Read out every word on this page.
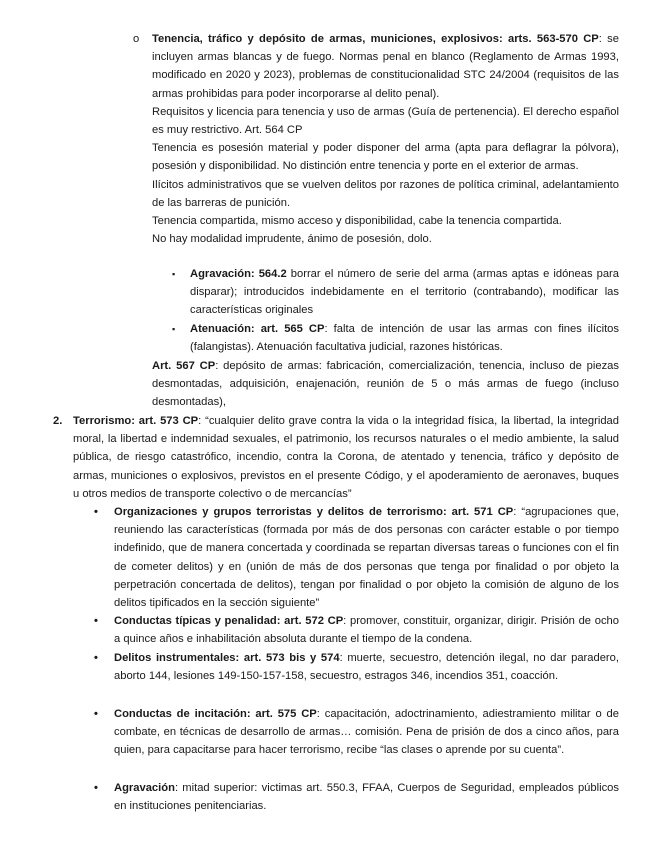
o Tenencia, tráfico y depósito de armas, municiones, explosivos: arts. 563-570 CP: se incluyen armas blancas y de fuego. Normas penal en blanco (Reglamento de Armas 1993, modificado en 2020 y 2023), problemas de constitucionalidad STC 24/2004 (requisitos de las armas prohibidas para poder incorporarse al delito penal).

Requisitos y licencia para tenencia y uso de armas (Guía de pertenencia). El derecho español es muy restrictivo. Art. 564 CP

Tenencia es posesión material y poder disponer del arma (apta para deflagrar la pólvora), posesión y disponibilidad. No distinción entre tenencia y porte en el exterior de armas.

Ilícitos administrativos que se vuelven delitos por razones de política criminal, adelantamiento de las barreras de punición.

Tenencia compartida, mismo acceso y disponibilidad, cabe la tenencia compartida.

No hay modalidad imprudente, ánimo de posesión, dolo.

▪ Agravación: 564.2 borrar el número de serie del arma (armas aptas e idóneas para disparar); introducidos indebidamente en el territorio (contrabando), modificar las características originales

▪ Atenuación: art. 565 CP: falta de intención de usar las armas con fines ilícitos (falangistas). Atenuación facultativa judicial, razones históricas.

Art. 567 CP: depósito de armas: fabricación, comercialización, tenencia, incluso de piezas desmontadas, adquisición, enajenación, reunión de 5 o más armas de fuego (incluso desmontadas),

2. Terrorismo: art. 573 CP: “cualquier delito grave contra la vida o la integridad física, la libertad, la integridad moral, la libertad e indemnidad sexuales, el patrimonio, los recursos naturales o el medio ambiente, la salud pública, de riesgo catastrófico, incendio, contra la Corona, de atentado y tenencia, tráfico y depósito de armas, municiones o explosivos, previstos en el presente Código, y el apoderamiento de aeronaves, buques u otros medios de transporte colectivo o de mercancías”

• Organizaciones y grupos terroristas y delitos de terrorismo: art. 571 CP: “agrupaciones que, reuniendo las características (formada por más de dos personas con carácter estable o por tiempo indefinido, que de manera concertada y coordinada se repartan diversas tareas o funciones con el fin de cometer delitos) y en (unión de más de dos personas que tenga por finalidad o por objeto la perpetración concertada de delitos), tengan por finalidad o por objeto la comisión de alguno de los delitos tipificados en la sección siguiente”

• Conductas típicas y penalidad: art. 572 CP: promover, constituir, organizar, dirigir. Prisión de ocho a quince años e inhabilitación absoluta durante el tiempo de la condena.

• Delitos instrumentales: art. 573 bis y 574: muerte, secuestro, detención ilegal, no dar paradero, aborto 144, lesiones 149-150-157-158, secuestro, estragos 346, incendios 351, coacción.

• Conductas de incitación: art. 575 CP: capacitación, adoctrinamiento, adiestramiento militar o de combate, en técnicas de desarrollo de armas… comisión. Pena de prisión de dos a cinco años, para quien, para capacitarse para hacer terrorismo, recibe “las clases o aprende por su cuenta”.

• Agravación: mitad superior: victimas art. 550.3, FFAA, Cuerpos de Seguridad, empleados públicos en instituciones penitenciarias.
